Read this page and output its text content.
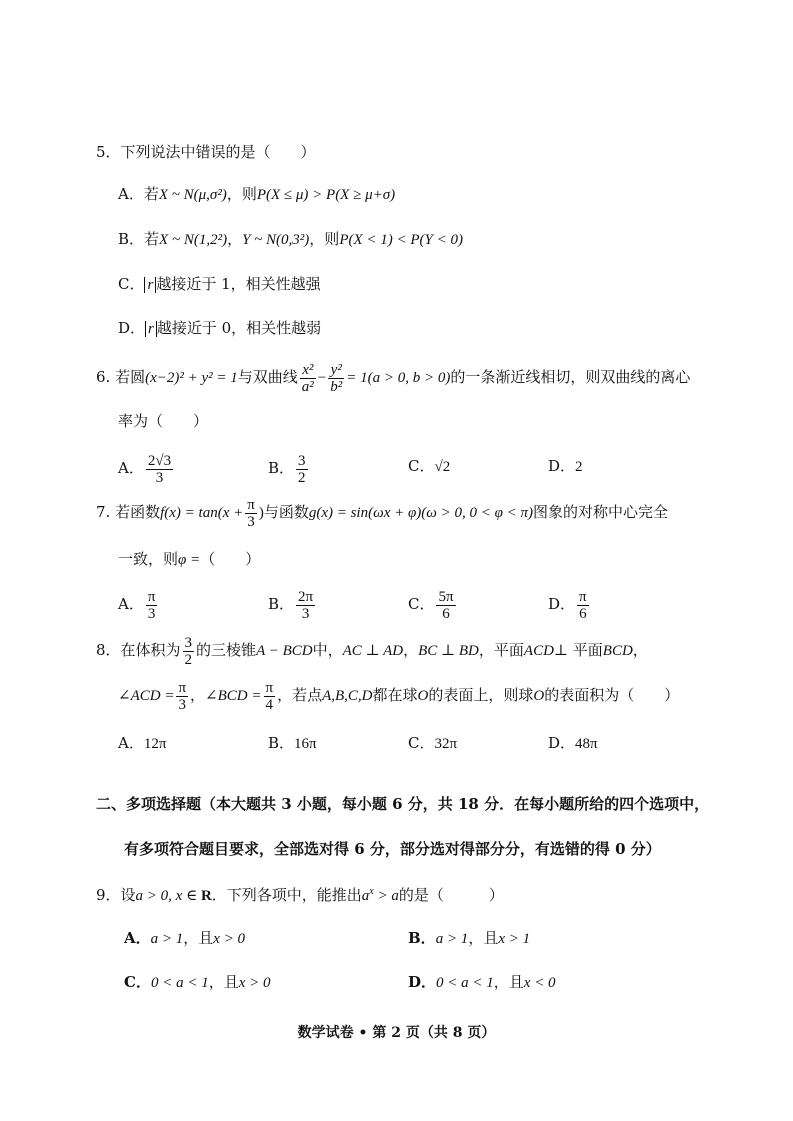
5．下列说法中错误的是（　　）
A．若X ~ N(μ,σ²)，则P(X ≤ μ) > P(X ≥ μ+σ)
B．若X ~ N(1,2²)，Y ~ N(0,3²)，则P(X < 1) < P(Y < 0)
C． r 越接近于 1，相关性越强
D． r 越接近于 0，相关性越弱
6. 若圆(x−2)² + y² = 1与双曲线 $\frac{\text{x²}}{\text{a²}} - \frac{\text{y²}}{\text{b²}} = 1(a > 0$, b > 0)的一条渐近线相切，则双曲线的离心
率为（　　）
A． $\frac{2√3}{3}$	B． $\frac{3}{2}$	C．√2	D．2
7. 若函数$f(x) = \tan(x + \frac{\pi}{3}$ )与函数g(x) = sin(ωx + φ)(ω > 0, 0 < φ < π)图象的对称中心完全
一致，则φ =（　　）
A． $\frac{\pi}{3}$	B． $\frac{2\pi}{3}$	C． $\frac{5\pi}{6}$	D． $\frac{\pi}{6}$
8．在体积为 $\frac{3}{2}$ 的三棱锥A − BCD中，AC ⊥ AD，BC ⊥ BD，平面ACD⊥ 平面BCD，
∠ACD = $\frac{\pi}{3}$ ，∠BCD = $\frac{\pi}{4}$ ，若点A,B,C,D都在球O的表面上，则球O的表面积为（　　）
A．12π	B．16π	C．32π	D．48π
二、多项选择题（本大题共 3 小题，每小题 6 分，共 18 分．在每小题所给的四个选项中，
有多项符合题目要求，全部选对得 6 分，部分选对得部分分，有选错的得 0 分）
9．设a > 0, x ∈ R．下列各项中，能推出$a^x > a$的是（　　　）
A．a > 1，且x > 0	B．a > 1，且x > 1
C．0 < a < 1，且x > 0	D．0 < a < 1，且x < 0
数学试卷 • 第 2 页（共 8 页）
